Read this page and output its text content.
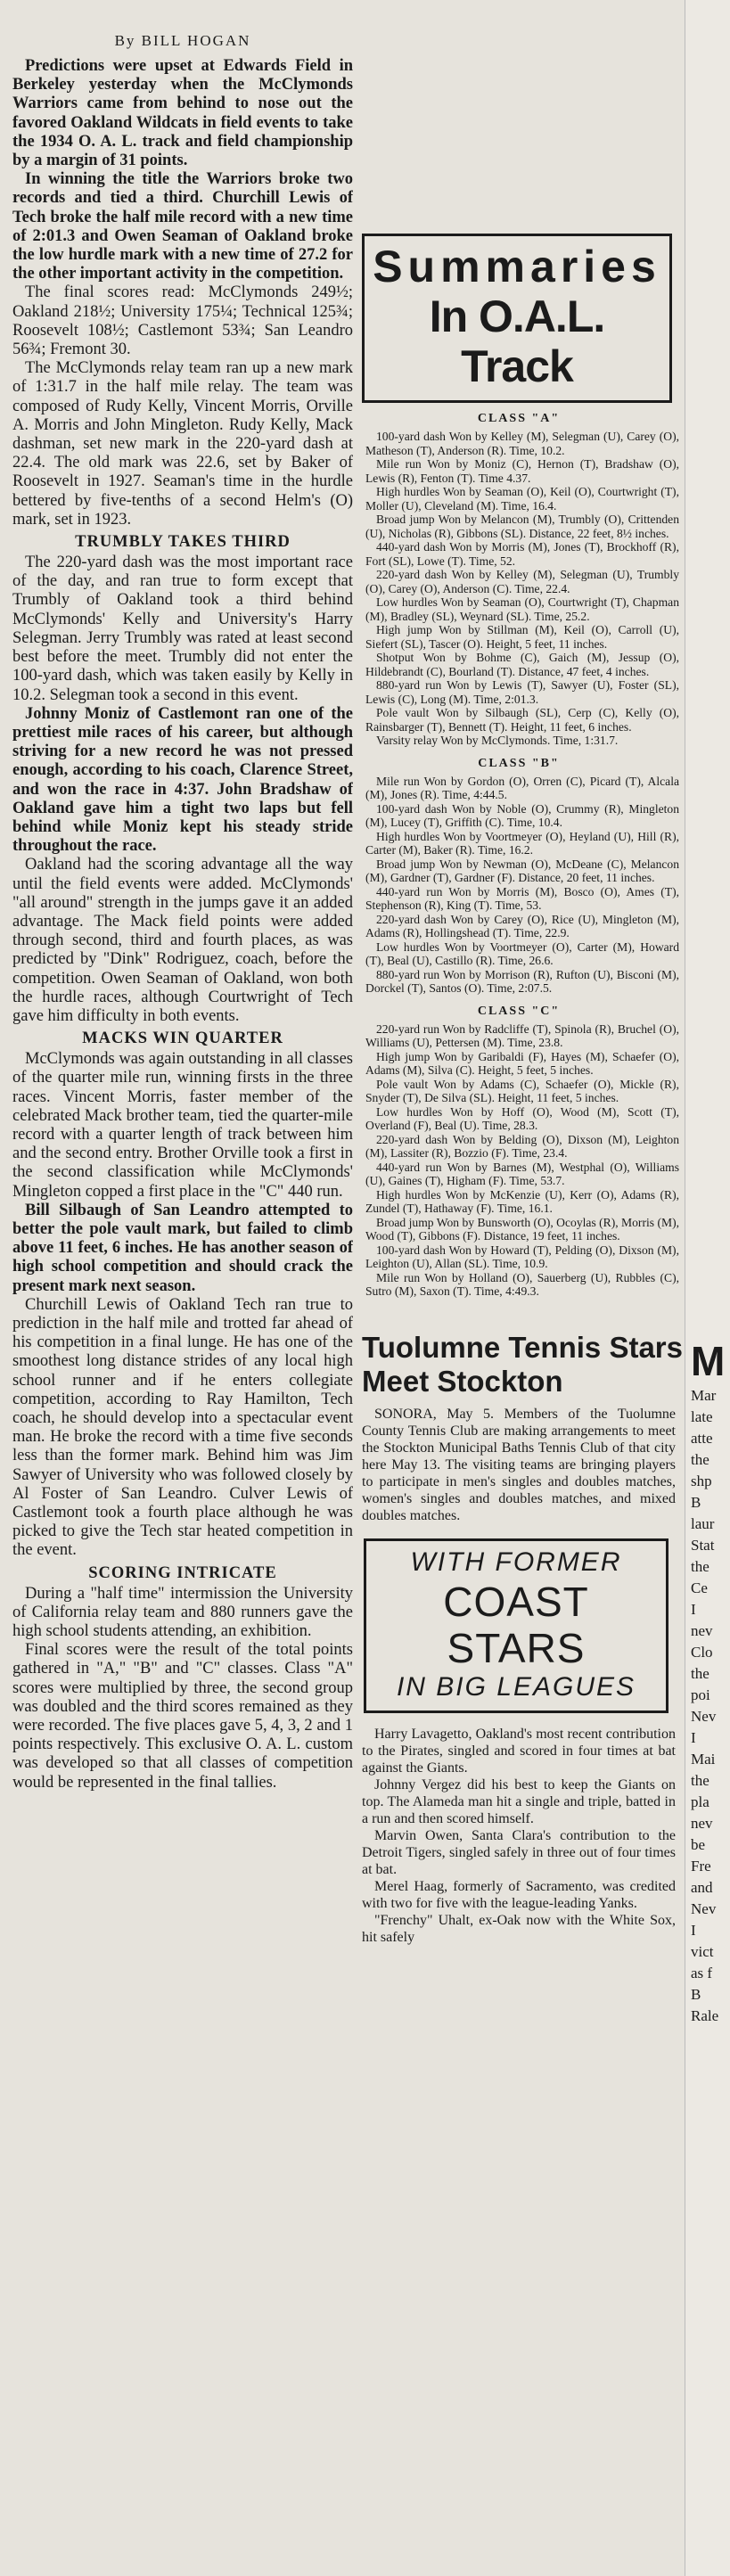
By BILL HOGAN

Predictions were upset at Edwards Field in Berkeley yesterday when the McClymonds Warriors came from behind to nose out the favored Oakland Wildcats in field events to take the 1934 O. A. L. track and field championship by a margin of 31 points.

In winning the title the Warriors broke two records and tied a third. Churchill Lewis of Tech broke the half mile record with a new time of 2:01.3 and Owen Seaman of Oakland broke the low hurdle mark with a new time of 27.2 for the other important activity in the competition.

The final scores read: McClymonds 249½; Oakland 218½; University 175¼; Technical 125¾; Roosevelt 108½; Castlemont 53¾; San Leandro 56¾; Fremont 30.

The McClymonds relay team ran up a new mark of 1:31.7 in the half mile relay. The team was composed of Rudy Kelly, Vincent Morris, Orville A. Morris and John Mingleton. Rudy Kelly, Mack dashman, set new mark in the 220-yard dash at 22.4. The old mark was 22.6, set by Baker of Roosevelt in 1927. Seaman's time in the hurdle bettered by five-tenths of a second Helm's (O) mark, set in 1923.

TRUMBLY TAKES THIRD

The 220-yard dash was the most important race of the day, and ran true to form except that Trumbly of Oakland took a third behind McClymonds' Kelly and University's Harry Selegman. Jerry Trumbly was rated at least second best before the meet. Trumbly did not enter the 100-yard dash, which was taken easily by Kelly in 10.2. Selegman took a second in this event.

Johnny Moniz of Castlemont ran one of the prettiest mile races of his career, but although striving for a new record he was not pressed enough, according to his coach, Clarence Street, and won the race in 4:37. John Bradshaw of Oakland gave him a tight two laps but fell behind while Moniz kept his steady stride throughout the race.

Oakland had the scoring advantage all the way until the field events were added. McClymonds' "all around" strength in the jumps gave it an added advantage. The Mack field points were added through second, third and fourth places, as was predicted by "Dink" Rodriguez, coach, before the competition. Owen Seaman of Oakland, won both the hurdle races, although Courtwright of Tech gave him difficulty in both events.

MACKS WIN QUARTER

McClymonds was again outstanding in all classes of the quarter mile run, winning firsts in the three races. Vincent Morris, faster member of the celebrated Mack brother team, tied the quarter-mile record with a quarter length of track between him and the second entry. Brother Orville took a first in the second classification while McClymonds' Mingleton copped a first place in the "C" 440 run.

Bill Silbaugh of San Leandro attempted to better the pole vault mark, but failed to climb above 11 feet, 6 inches. He has another season of high school competition and should crack the present mark next season.

Churchill Lewis of Oakland Tech ran true to prediction in the half mile and trotted far ahead of his competition in a final lunge. He has one of the smoothest long distance strides of any local high school runner and if he enters collegiate competition, according to Ray Hamilton, Tech coach, he should develop into a spectacular event man. He broke the record with a time five seconds less than the former mark. Behind him was Jim Sawyer of University who was followed closely by Al Foster of San Leandro. Culver Lewis of Castlemont took a fourth place although he was picked to give the Tech star heated competition in the event.

SCORING INTRICATE

During a "half time" intermission the University of California relay team and 880 runners gave the high school students attending, an exhibition.

Final scores were the result of the total points gathered in "A," "B" and "C" classes. Class "A" scores were multiplied by three, the second group was doubled and the third scores remained as they were recorded. The five places gave 5, 4, 3, 2 and 1 points respectively. This exclusive O. A. L. custom was developed so that all classes of competition would be represented in the final tallies.

Summaries
In O.A.L. Track
CLASS "A"

100-yard dash Won by Kelley (M), Selegman (U), Carey (O), Matheson (T), Anderson (R). Time, 10.2.

Mile run Won by Moniz (C), Hernon (T), Bradshaw (O), Lewis (R), Fenton (T). Time 4.37.

High hurdles Won by Seaman (O), Keil (O), Courtwright (T), Moller (U), Cleveland (M). Time, 16.4.

Broad jump Won by Melancon (M), Trumbly (O), Crittenden (U), Nicholas (R), Gibbons (SL). Distance, 22 feet, 8½ inches.

440-yard dash Won by Morris (M), Jones (T), Brockhoff (R), Fort (SL), Lowe (T). Time, 52.

220-yard dash Won by Kelley (M), Selegman (U), Trumbly (O), Carey (O), Anderson (C). Time, 22.4.

Low hurdles Won by Seaman (O), Courtwright (T), Chapman (M), Bradley (SL), Weynard (SL). Time, 25.2.

High jump Won by Stillman (M), Keil (O), Carroll (U), Siefert (SL), Tascer (O). Height, 5 feet, 11 inches.

Shotput Won by Bohme (C), Gaich (M), Jessup (O), Hildebrandt (C), Bourland (T). Distance, 47 feet, 4 inches.

880-yard run Won by Lewis (T), Sawyer (U), Foster (SL), Lewis (C), Long (M). Time, 2:01.3.

Pole vault Won by Silbaugh (SL), Cerp (C), Kelly (O), Rainsbarger (T), Bennett (T). Height, 11 feet, 6 inches.

Varsity relay Won by McClymonds. Time, 1:31.7.

CLASS "B"

Mile run Won by Gordon (O), Orren (C), Picard (T), Alcala (M), Jones (R). Time, 4:44.5.

100-yard dash Won by Noble (O), Crummy (R), Mingleton (M), Lucey (T), Griffith (C). Time, 10.4.

High hurdles Won by Voortmeyer (O), Heyland (U), Hill (R), Carter (M), Baker (R). Time, 16.2.

Broad jump Won by Newman (O), McDeane (C), Melancon (M), Gardner (T), Gardner (F). Distance, 20 feet, 11 inches.

440-yard run Won by Morris (M), Bosco (O), Ames (T), Stephenson (R), King (T). Time, 53.

220-yard dash Won by Carey (O), Rice (U), Mingleton (M), Adams (R), Hollingshead (T). Time, 22.9.

Low hurdles Won by Voortmeyer (O), Carter (M), Howard (T), Beal (U), Castillo (R). Time, 26.6.

880-yard run Won by Morrison (R), Rufton (U), Bisconi (M), Dorckel (T), Santos (O). Time, 2:07.5.

CLASS "C"

220-yard run Won by Radcliffe (T), Spinola (R), Bruchel (O), Williams (U), Pettersen (M). Time, 23.8.

High jump Won by Garibaldi (F), Hayes (M), Schaefer (O), Adams (M), Silva (C). Height, 5 feet, 5 inches.

Pole vault Won by Adams (C), Schaefer (O), Mickle (R), Snyder (T), De Silva (SL). Height, 11 feet, 5 inches.

Low hurdles Won by Hoff (O), Wood (M), Scott (T), Overland (F), Beal (U). Time, 28.3.

220-yard dash Won by Belding (O), Dixson (M), Leighton (M), Lassiter (R), Bozzio (F). Time, 23.4.

440-yard run Won by Barnes (M), Westphal (O), Williams (U), Gaines (T), Higham (F). Time, 53.7.

High hurdles Won by McKenzie (U), Kerr (O), Adams (R), Zundel (T), Hathaway (F). Time, 16.1.

Broad jump Won by Bunsworth (O), Ocoylas (R), Morris (M), Wood (T), Gibbons (F). Distance, 19 feet, 11 inches.

100-yard dash Won by Howard (T), Pelding (O), Dixson (M), Leighton (U), Allan (SL). Time, 10.9.

Mile run Won by Holland (O), Sauerberg (U), Rubbles (C), Sutro (M), Saxon (T). Time, 4:49.3.

Tuolumne Tennis Stars Meet Stockton

SONORA, May 5. Members of the Tuolumne County Tennis Club are making arrangements to meet the Stockton Municipal Baths Tennis Club of that city here May 13. The visiting teams are bringing players to participate in men's singles and doubles matches, women's singles and doubles matches, and mixed doubles matches.

WITH FORMER
COAST STARS
IN BIG LEAGUES

Harry Lavagetto, Oakland's most recent contribution to the Pirates, singled and scored in four times at bat against the Giants.

Johnny Vergez did his best to keep the Giants on top. The Alameda man hit a single and triple, batted in a run and then scored himself.

Marvin Owen, Santa Clara's contribution to the Detroit Tigers, singled safely in three out of four times at bat.

Merel Haag, formerly of Sacramento, was credited with two for five with the league-leading Yanks.

"Frenchy" Uhalt, ex-Oak now with the White Sox, hit safely

M
Mar
late
atte
the
shp
B
laur
Stat
the
Ce
I
nev
Clo
the
poi
Nev
I
Mai
the
pla
nev
be
Fre
and
Nev
I
vict
as f
B
Rale
